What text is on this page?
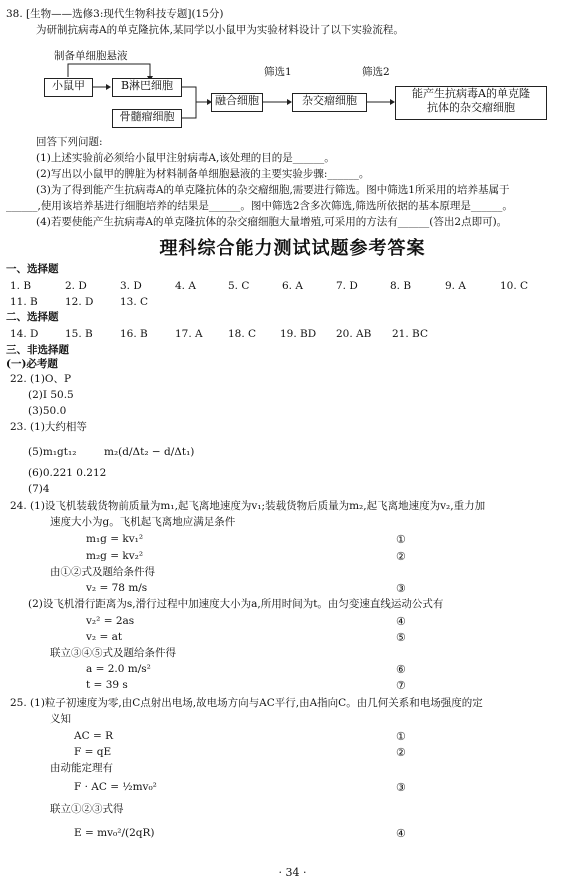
38. [生物——选修3:现代生物科技专题](15分)
为研制抗病毒A的单克隆抗体,某同学以小鼠甲为实验材料设计了以下实验流程。
制备单细胞悬液
小鼠甲	B淋巴细胞
骨髓瘤细胞
融合细胞
筛选1
杂交瘤细胞
筛选2
能产生抗病毒A的单克隆
抗体的杂交瘤细胞
回答下列问题:
(1)上述实验前必须给小鼠甲注射病毒A,该处理的目的是______。
(2)写出以小鼠甲的脾脏为材料制备单细胞悬液的主要实验步骤:______。
(3)为了得到能产生抗病毒A的单克隆抗体的杂交瘤细胞,需要进行筛选。图中筛选1所采用的培养基属于
______,使用该培养基进行细胞培养的结果是______。图中筛选2含多次筛选,筛选所依据的基本原理是______。
(4)若要使能产生抗病毒A的单克隆抗体的杂交瘤细胞大量增殖,可采用的方法有______(答出2点即可)。
理科综合能力测试试题参考答案
一、选择题
1. B	2. D	3. D	4. A	5. C	6. A	7. D	8. B	9. A	10. C
11. B	12. D	13. C
二、选择题
14. D	15. B	16. B	17. A 18. C 19. BD 20. AB 21. BC
三、非选择题
(一)必考题
22. (1)O、P
(2)I 50.5
(3)50.0
23. (1)大约相等
(5)m₁gt₁₂	m₂(d/Δt₂ − d/Δt₁)
(6)0.221 0.212
(7)4
24. (1)设飞机装载货物前质量为m₁,起飞离地速度为v₁;装载货物后质量为m₂,起飞离地速度为v₂,重力加
速度大小为g。飞机起飞离地应满足条件
m₁g = kv₁²	①
m₂g = kv₂²	②
由①②式及题给条件得
v₂ = 78 m/s	③
(2)设飞机滑行距离为s,滑行过程中加速度大小为a,所用时间为t。由匀变速直线运动公式有
v₂² = 2as	④
v₂ = at	⑤
联立③④⑤式及题给条件得
a = 2.0 m/s²	⑥
t = 39 s	⑦
25. (1)粒子初速度为零,由C点射出电场,故电场方向与AC平行,由A指向C。由几何关系和电场强度的定
义知
AC = R	①
F = qE	②
由动能定理有
F · AC = ½mv₀²	③
联立①②③式得
E = mv₀²/(2qR)	④
· 34 ·
